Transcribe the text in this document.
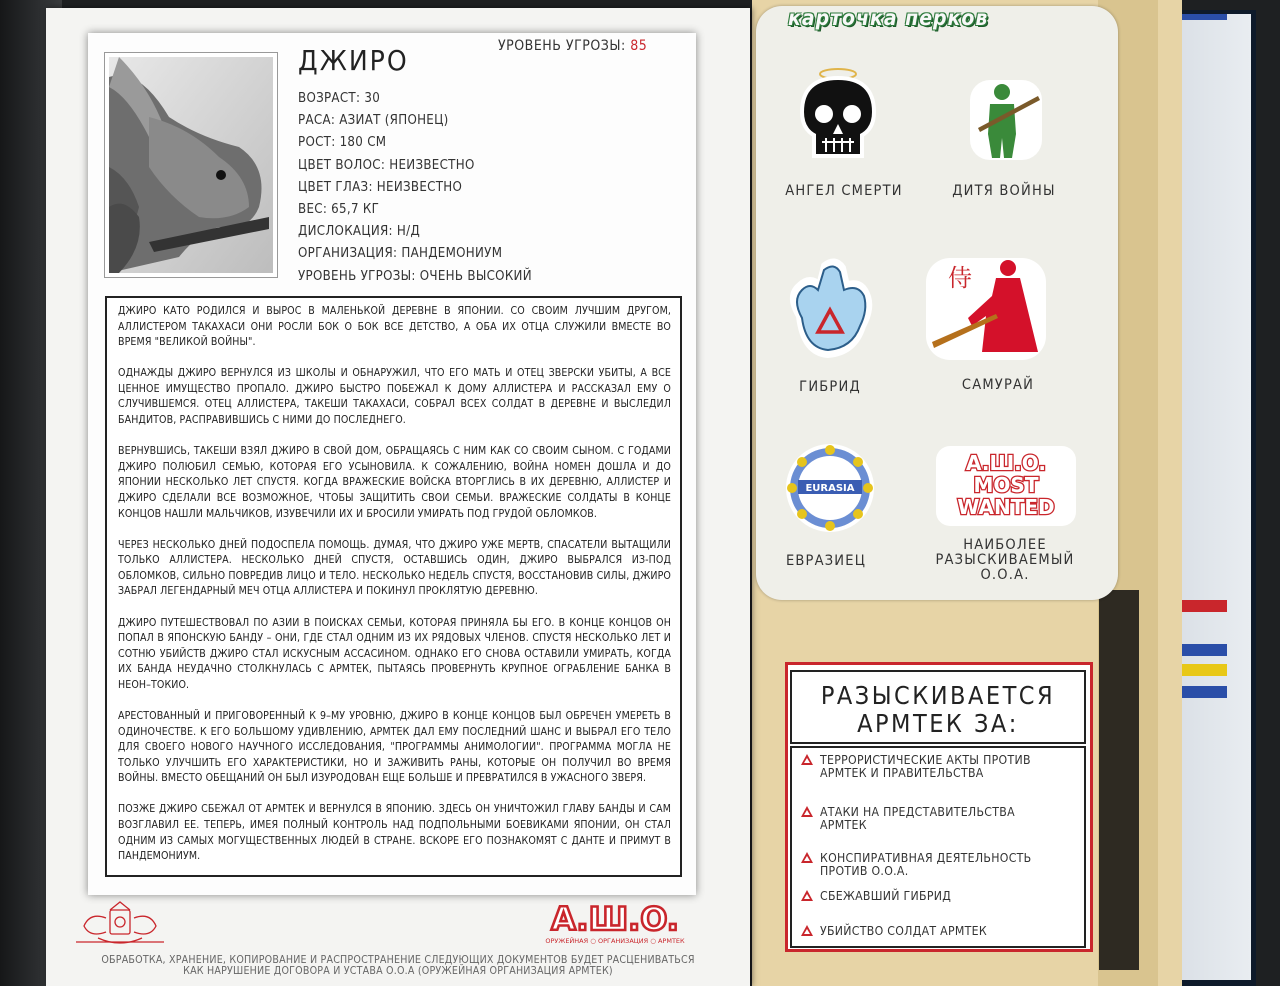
ДЖИРО	УРОВЕНЬ УГРОЗЫ: 85
ВОЗРАСТ: 30
РАСА: АЗИАТ (ЯПОНЕЦ)
РОСТ: 180 СМ
ЦВЕТ ВОЛОС: НЕИЗВЕСТНО
ЦВЕТ ГЛАЗ: НЕИЗВЕСТНО
ВЕС: 65,7 КГ
ДИСЛОКАЦИЯ: Н/Д
ОРГАНИЗАЦИЯ: ПАНДЕМОНИУМ
УРОВЕНЬ УГРОЗЫ: ОЧЕНЬ ВЫСОКИЙ

ДЖИРО КАТО РОДИЛСЯ И ВЫРОС В МАЛЕНЬКОЙ ДЕРЕВНЕ В ЯПОНИИ. СО СВОИМ ЛУЧШИМ ДРУГОМ, АЛЛИСТЕРОМ ТАКАХАСИ ОНИ РОСЛИ БОК О БОК ВСЕ ДЕТСТВО, А ОБА ИХ ОТЦА СЛУЖИЛИ ВМЕСТЕ ВО ВРЕМЯ "ВЕЛИКОЙ ВОЙНЫ".

ОДНАЖДЫ ДЖИРО ВЕРНУЛСЯ ИЗ ШКОЛЫ И ОБНАРУЖИЛ, ЧТО ЕГО МАТЬ И ОТЕЦ ЗВЕРСКИ УБИТЫ, А ВСЕ ЦЕННОЕ ИМУЩЕСТВО ПРОПАЛО. ДЖИРО БЫСТРО ПОБЕЖАЛ К ДОМУ АЛЛИСТЕРА И РАССКАЗАЛ ЕМУ О СЛУЧИВШЕМСЯ. ОТЕЦ АЛЛИСТЕРА, ТАКЕШИ ТАКАХАСИ, СОБРАЛ ВСЕХ СОЛДАТ В ДЕРЕВНЕ И ВЫСЛЕДИЛ БАНДИТОВ, РАСПРАВИВШИСЬ С НИМИ ДО ПОСЛЕДНЕГО.

ВЕРНУВШИСЬ, ТАКЕШИ ВЗЯЛ ДЖИРО В СВОЙ ДОМ, ОБРАЩАЯСЬ С НИМ КАК СО СВОИМ СЫНОМ. С ГОДАМИ ДЖИРО ПОЛЮБИЛ СЕМЬЮ, КОТОРАЯ ЕГО УСЫНОВИЛА. К СОЖАЛЕНИЮ, ВОЙНА НОМЕН ДОШЛА И ДО ЯПОНИИ НЕСКОЛЬКО ЛЕТ СПУСТЯ. КОГДА ВРАЖЕСКИЕ ВОЙСКА ВТОРГЛИСЬ В ИХ ДЕРЕВНЮ, АЛЛИСТЕР И ДЖИРО СДЕЛАЛИ ВСЕ ВОЗМОЖНОЕ, ЧТОБЫ ЗАЩИТИТЬ СВОИ СЕМЬИ. ВРАЖЕСКИЕ СОЛДАТЫ В КОНЦЕ КОНЦОВ НАШЛИ МАЛЬЧИКОВ, ИЗУВЕЧИЛИ ИХ И БРОСИЛИ УМИРАТЬ ПОД ГРУДОЙ ОБЛОМКОВ.

ЧЕРЕЗ НЕСКОЛЬКО ДНЕЙ ПОДОСПЕЛА ПОМОЩЬ. ДУМАЯ, ЧТО ДЖИРО УЖЕ МЕРТВ, СПАСАТЕЛИ ВЫТАЩИЛИ ТОЛЬКО АЛЛИСТЕРА. НЕСКОЛЬКО ДНЕЙ СПУСТЯ, ОСТАВШИСЬ ОДИН, ДЖИРО ВЫБРАЛСЯ ИЗ-ПОД ОБЛОМКОВ, СИЛЬНО ПОВРЕДИВ ЛИЦО И ТЕЛО. НЕСКОЛЬКО НЕДЕЛЬ СПУСТЯ, ВОССТАНОВИВ СИЛЫ, ДЖИРО ЗАБРАЛ ЛЕГЕНДАРНЫЙ МЕЧ ОТЦА АЛЛИСТЕРА И ПОКИНУЛ ПРОКЛЯТУЮ ДЕРЕВНЮ.

ДЖИРО ПУТЕШЕСТВОВАЛ ПО АЗИИ В ПОИСКАХ СЕМЬИ, КОТОРАЯ ПРИНЯЛА БЫ ЕГО. В КОНЦЕ КОНЦОВ ОН ПОПАЛ В ЯПОНСКУЮ БАНДУ – ОНИ, ГДЕ СТАЛ ОДНИМ ИЗ ИХ РЯДОВЫХ ЧЛЕНОВ. СПУСТЯ НЕСКОЛЬКО ЛЕТ И СОТНЮ УБИЙСТВ ДЖИРО СТАЛ ИСКУСНЫМ АССАСИНОМ. ОДНАКО ЕГО СНОВА ОСТАВИЛИ УМИРАТЬ, КОГДА ИХ БАНДА НЕУДАЧНО СТОЛКНУЛАСЬ С АРМТЕК, ПЫТАЯСЬ ПРОВЕРНУТЬ КРУПНОЕ ОГРАБЛЕНИЕ БАНКА В НЕОН–ТОКИО.

АРЕСТОВАННЫЙ И ПРИГОВОРЕННЫЙ К 9–МУ УРОВНЮ, ДЖИРО В КОНЦЕ КОНЦОВ БЫЛ ОБРЕЧЕН УМЕРЕТЬ В ОДИНОЧЕСТВЕ. К ЕГО БОЛЬШОМУ УДИВЛЕНИЮ, АРМТЕК ДАЛ ЕМУ ПОСЛЕДНИЙ ШАНС И ВЫБРАЛ ЕГО ТЕЛО ДЛЯ СВОЕГО НОВОГО НАУЧНОГО ИССЛЕДОВАНИЯ, "ПРОГРАММЫ АНИМОЛОГИИ". ПРОГРАММА МОГЛА НЕ ТОЛЬКО УЛУЧШИТЬ ЕГО ХАРАКТЕРИСТИКИ, НО И ЗАЖИВИТЬ РАНЫ, КОТОРЫЕ ОН ПОЛУЧИЛ ВО ВРЕМЯ ВОЙНЫ. ВМЕСТО ОБЕЩАНИЙ ОН БЫЛ ИЗУРОДОВАН ЕЩЕ БОЛЬШЕ И ПРЕВРАТИЛСЯ В УЖАСНОГО ЗВЕРЯ.

ПОЗЖЕ ДЖИРО СБЕЖАЛ ОТ АРМТЕК И ВЕРНУЛСЯ В ЯПОНИЮ. ЗДЕСЬ ОН УНИЧТОЖИЛ ГЛАВУ БАНДЫ И САМ ВОЗГЛАВИЛ ЕЕ. ТЕПЕРЬ, ИМЕЯ ПОЛНЫЙ КОНТРОЛЬ НАД ПОДПОЛЬНЫМИ БОЕВИКАМИ ЯПОНИИ, ОН СТАЛ ОДНИМ ИЗ САМЫХ МОГУЩЕСТВЕННЫХ ЛЮДЕЙ В СТРАНЕ. ВСКОРЕ ЕГО ПОЗНАКОМЯТ С ДАНТЕ И ПРИМУТ В ПАНДЕМОНИУМ.

A.Ш.O.
ОРУЖЕЙНАЯ ○ ОРГАНИЗАЦИЯ ○ АРМТЕК
ОБРАБОТКА, ХРАНЕНИЕ, КОПИРОВАНИЕ И РАСПРОСТРАНЕНИЕ СЛЕДУЮЩИХ ДОКУМЕНТОВ БУДЕТ РАСЦЕНИВАТЬСЯ
КАК НАРУШЕНИЕ ДОГОВОРА И УСТАВА О.О.А (ОРУЖЕЙНАЯ ОРГАНИЗАЦИЯ АРМТЕК)
карточка перков
АНГЕЛ СМЕРТИ	ДИТЯ ВОЙНЫ
ГИБРИД
侍
САМУРАЙ
EURASIA
ЕВРАЗИЕЦ
A.Ш.O.
MOST
WANTED
НАИБОЛЕЕ
РАЗЫСКИВАЕМЫЙ
О.О.А.
РАЗЫСКИВАЕТСЯ
АРМТЕК ЗА:
ТЕРРОРИСТИЧЕСКИЕ АКТЫ ПРОТИВ
АРМТЕК И ПРАВИТЕЛЬСТВА
АТАКИ НА ПРЕДСТАВИТЕЛЬСТВА
АРМТЕК
КОНСПИРАТИВНАЯ ДЕЯТЕЛЬНОСТЬ
ПРОТИВ О.О.А.
СБЕЖАВШИЙ ГИБРИД
УБИЙСТВО СОЛДАТ АРМТЕК
